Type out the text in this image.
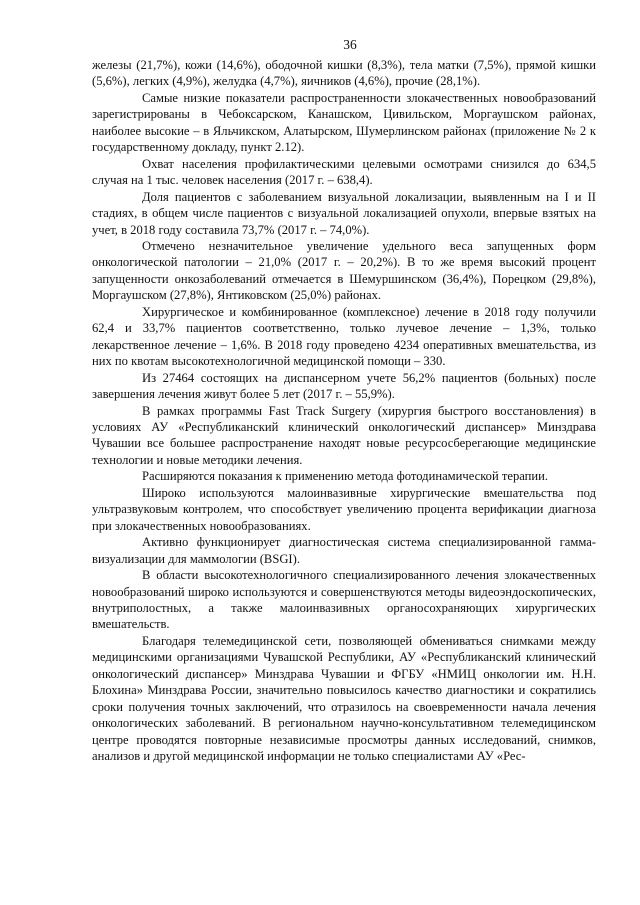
36

железы (21,7%), кожи (14,6%), ободочной кишки (8,3%), тела матки (7,5%), прямой кишки (5,6%), легких (4,9%), желудка (4,7%), яичников (4,6%), прочие (28,1%).

Самые низкие показатели распространенности злокачественных новообразований зарегистрированы в Чебоксарском, Канашском, Цивильском, Моргаушском районах, наиболее высокие – в Яльчикском, Алатырском, Шумерлинском районах (приложение № 2 к государственному докладу, пункт 2.12).

Охват населения профилактическими целевыми осмотрами снизился до 634,5 случая на 1 тыс. человек населения (2017 г. – 638,4).

Доля пациентов с заболеванием визуальной локализации, выявленным на I и II стадиях, в общем числе пациентов с визуальной локализацией опухоли, впервые взятых на учет, в 2018 году составила 73,7% (2017 г. – 74,0%).

Отмечено незначительное увеличение удельного веса запущенных форм онкологической патологии – 21,0% (2017 г. – 20,2%). В то же время высокий процент запущенности онкозаболеваний отмечается в Шемуршинском (36,4%), Порецком (29,8%), Моргаушском (27,8%), Янтиковском (25,0%) районах.

Хирургическое и комбинированное (комплексное) лечение в 2018 году получили 62,4 и 33,7% пациентов соответственно, только лучевое лечение – 1,3%, только лекарственное лечение – 1,6%. В 2018 году проведено 4234 оперативных вмешательства, из них по квотам высокотехнологичной медицинской помощи – 330.

Из 27464 состоящих на диспансерном учете 56,2% пациентов (больных) после завершения лечения живут более 5 лет (2017 г. – 55,9%).

В рамках программы Fast Track Surgery (хирургия быстрого восстановления) в условиях АУ «Республиканский клинический онкологический диспансер» Минздрава Чувашии все большее распространение находят новые ресурсосберегающие медицинские технологии и новые методики лечения.

Расширяются показания к применению метода фотодинамической терапии.

Широко используются малоинвазивные хирургические вмешательства под ультразвуковым контролем, что способствует увеличению процента верификации диагноза при злокачественных новообразованиях.

Активно функционирует диагностическая система специализированной гамма-визуализации для маммологии (BSGI).

В области высокотехнологичного специализированного лечения злокачественных новообразований широко используются и совершенствуются методы видеоэндоскопических, внутриполостных, а также малоинвазивных органосохраняющих хирургических вмешательств.

Благодаря телемедицинской сети, позволяющей обмениваться снимками между медицинскими организациями Чувашской Республики, АУ «Республиканский клинический онкологический диспансер» Минздрава Чувашии и ФГБУ «НМИЦ онкологии им. Н.Н. Блохина» Минздрава России, значительно повысилось качество диагностики и сократились сроки получения точных заключений, что отразилось на своевременности начала лечения онкологических заболеваний. В региональном научно-консультативном телемедицинском центре проводятся повторные независимые просмотры данных исследований, снимков, анализов и другой медицинской информации не только специалистами АУ «Рес-
